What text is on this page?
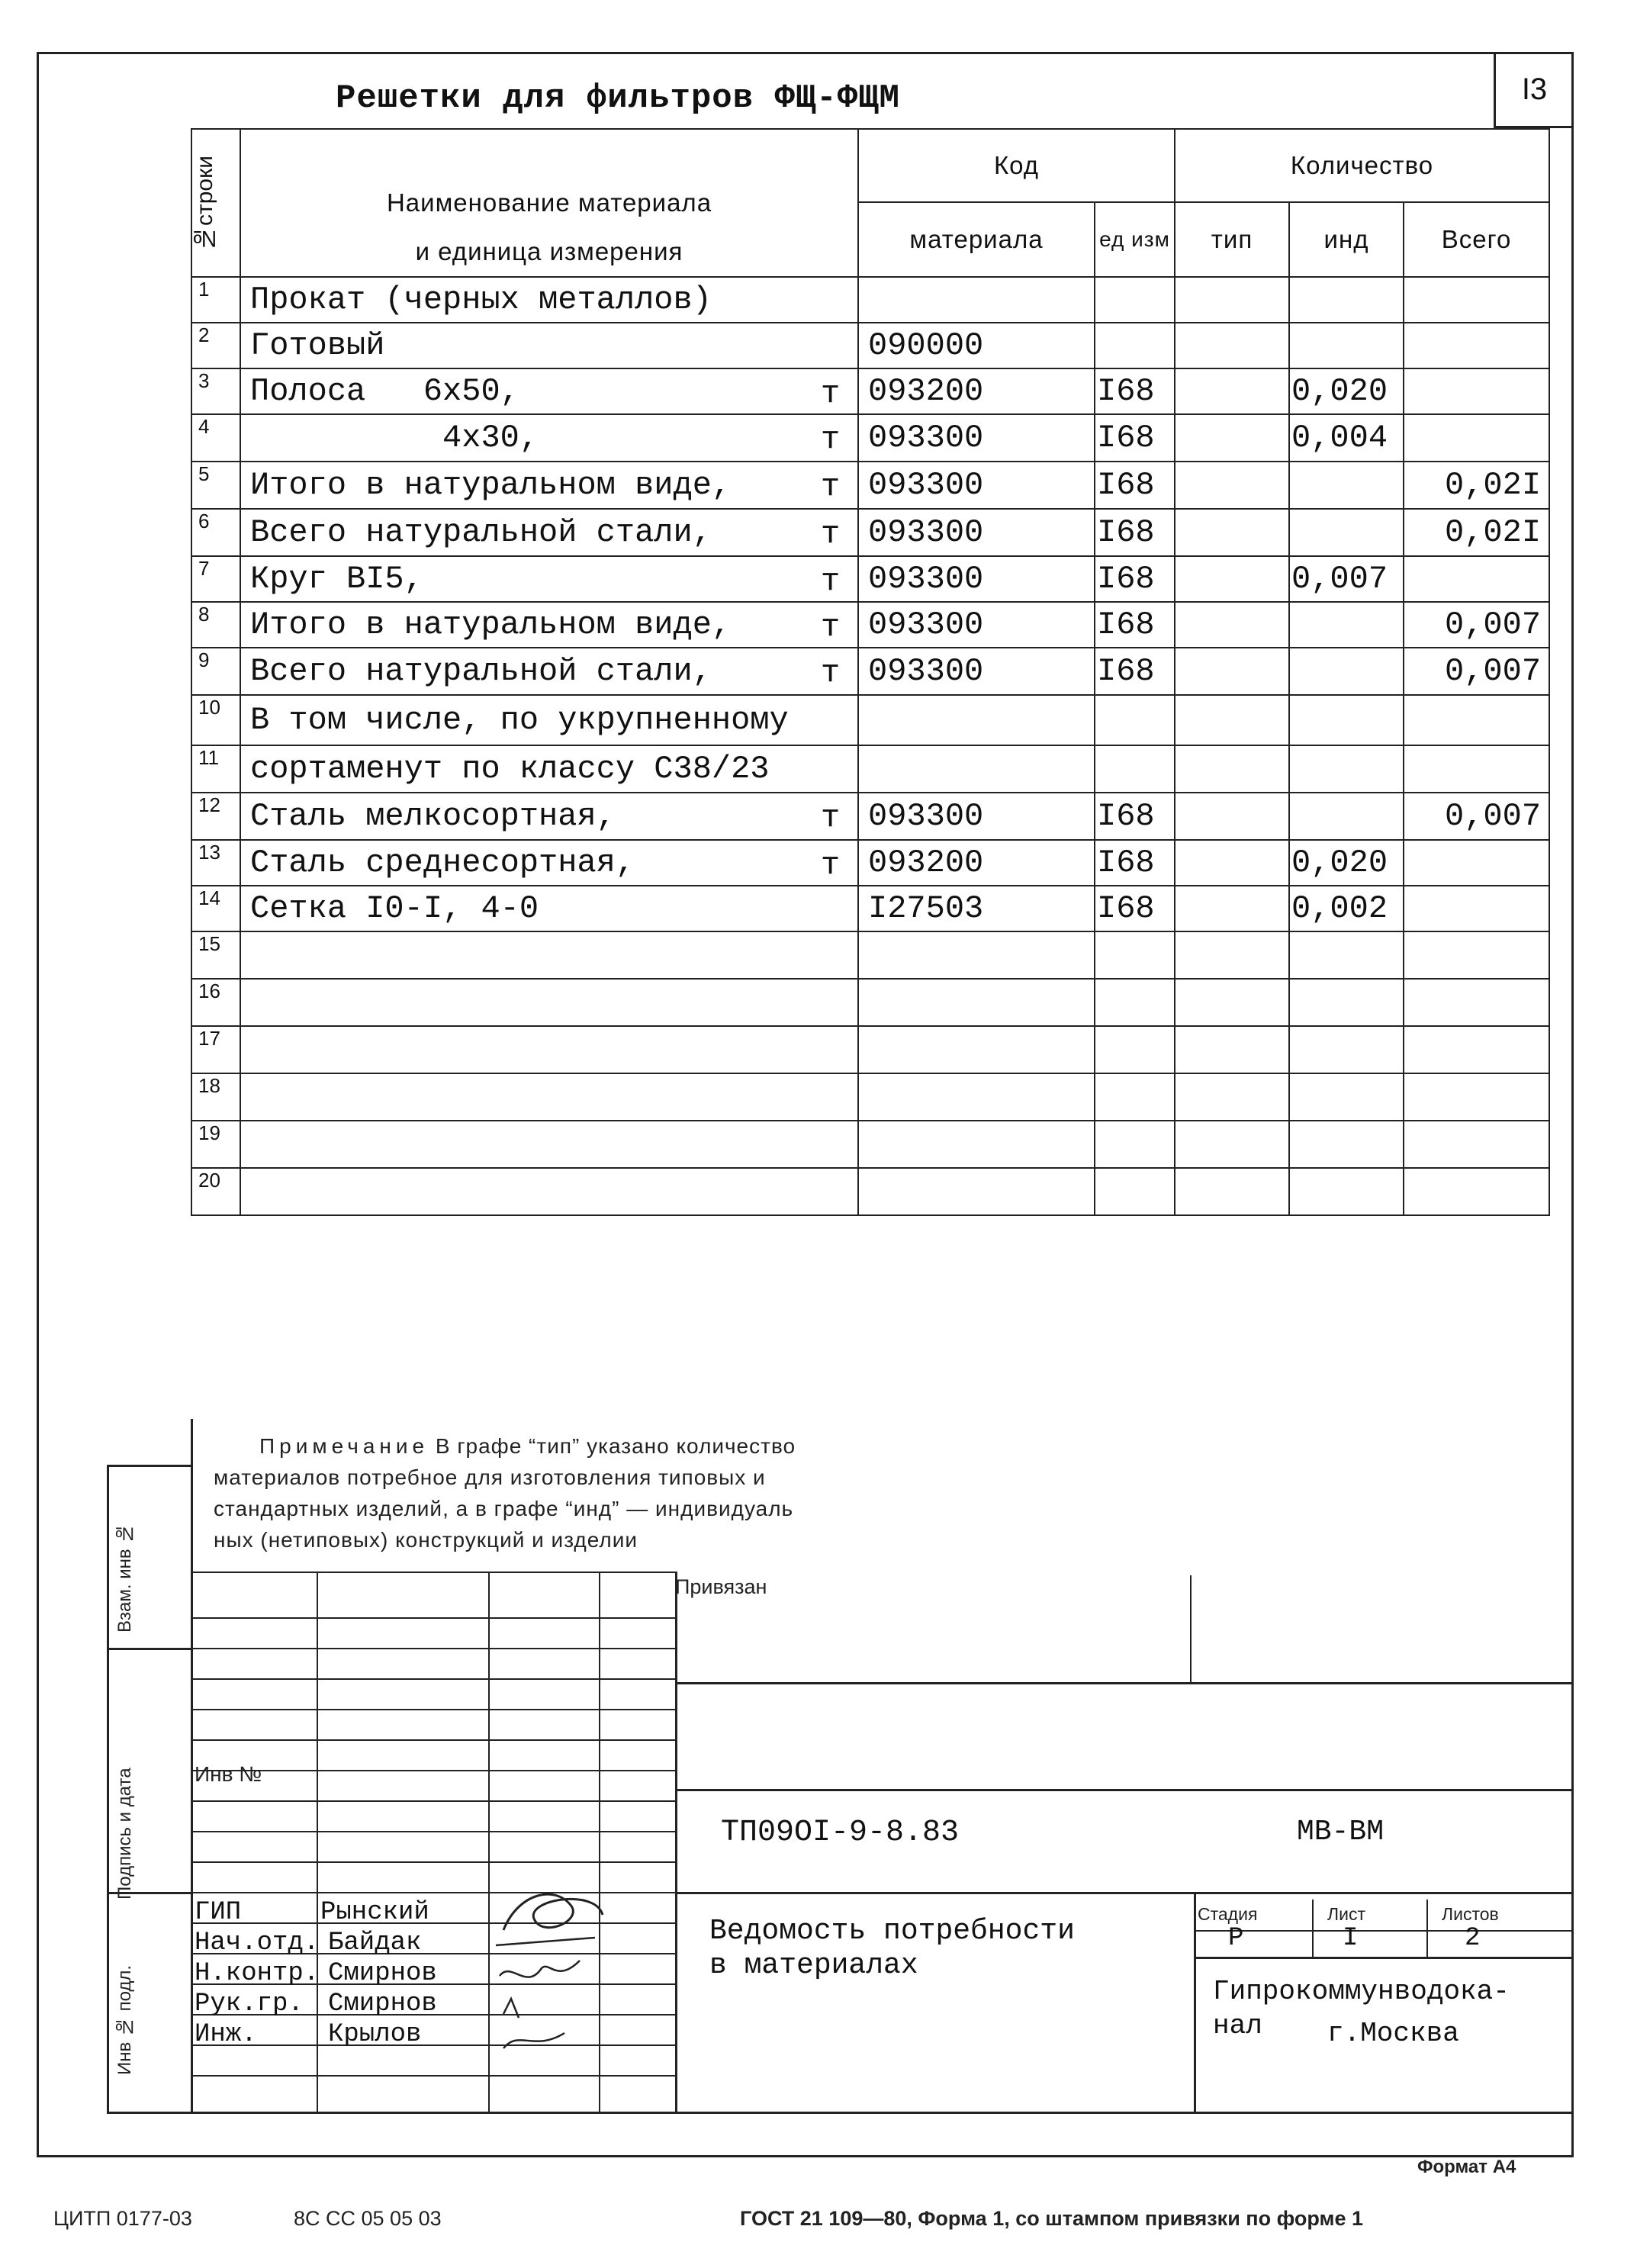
I3
Решетки для фильтров ФЩ-ФЩМ
№строки	Наименование материала
и единица измерения	Код		Количество		
		материала	ед изм	тип	инд	Всего
1	Прокат (черных металлов)

2	Готовый	090000				
3	Полоса   6х50, т	093200	I68		0,020	
4	4х30, т	093300	I68		0,004	
5	Итого в натуральном виде, т	093300	I68			0,02I
6	Всего натуральной стали, т	093300	I68			0,02I
7	Круг ВI5, т	093300	I68		0,007	
8	Итого в натуральном виде, т	093300	I68			0,007
9	Всего натуральной стали, т	093300	I68			0,007
10	В том числе, по укрупненному

11	сортаменут по классу С38/23

12	Сталь мелкосортная, т	093300	I68			0,007
13	Сталь среднесортная, т	093200	I68		0,020	
14	Сетка I0-I, 4-0	I27503	I68		0,002	
15	

16	

17	

18	

19	

20	

Примечание В графе “тип” указано количество
материалов потребное для изготовления типовых и
стандартных изделий, а в графе “инд” — индивидуаль
ных (нетиповых) конструкций и изделии
Привязан
Инв №
ТП09ОI-9-8.83	МВ-ВМ
Ведомость потребности
в материалах
Стадия	Лист	Листов
Р	I	2
Гипрокоммунводока-
нал г.Москва
ГИП	Рынский
Нач.отд. Байдак
Н.контр. Смирнов
Рук.гр. Смирнов
Инж.	Крылов
Взам. инв №
Подпись и дата
Инв № подл.
Формат А4
ЦИТП 0177-03	8С СС 05 05 03	ГОСТ 21 109—80, Форма 1, со штампом привязки по форме 1
